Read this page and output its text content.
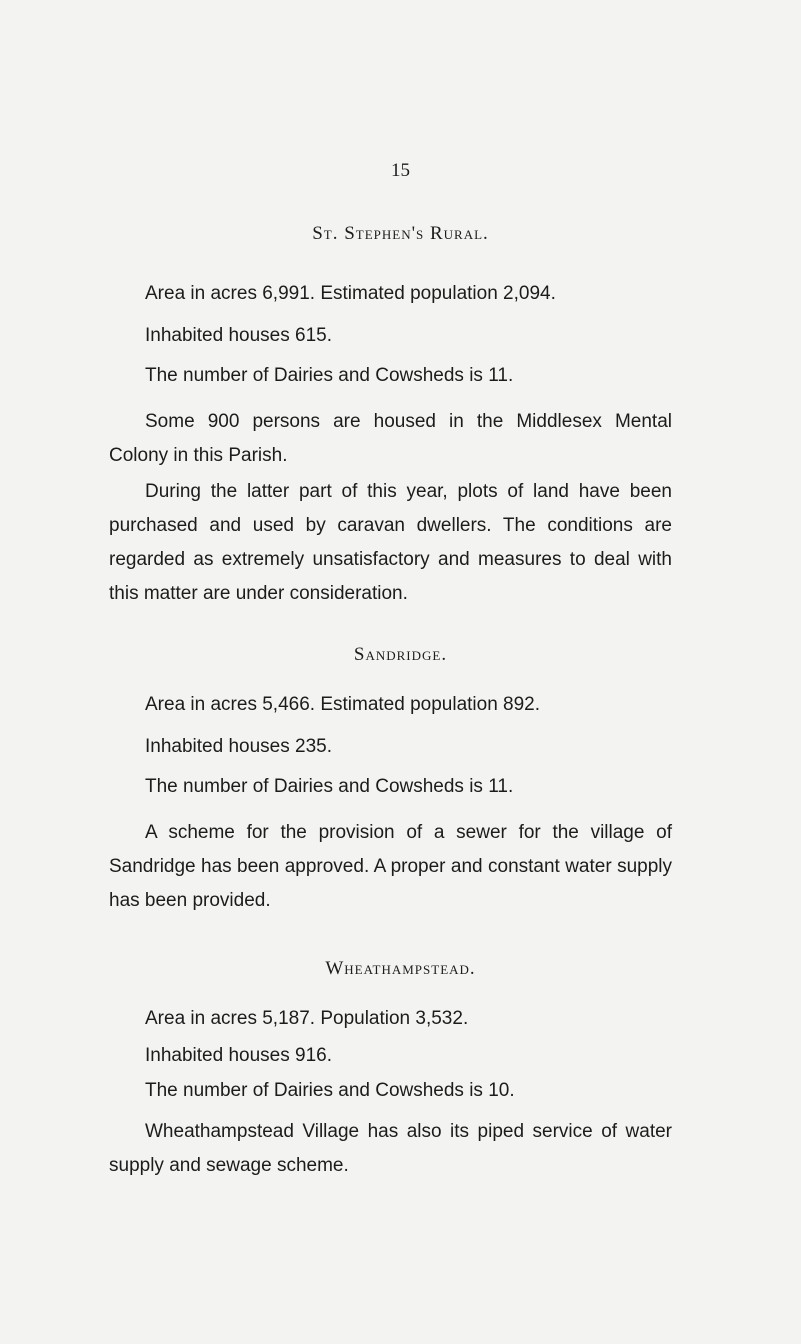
15
St. Stephen's Rural.
Area in acres 6,991. Estimated population 2,094.
Inhabited houses 615.
The number of Dairies and Cowsheds is 11.
Some 900 persons are housed in the Middlesex Mental Colony in this Parish.
During the latter part of this year, plots of land have been purchased and used by caravan dwellers. The conditions are regarded as extremely unsatisfactory and measures to deal with this matter are under consideration.
Sandridge.
Area in acres 5,466. Estimated population 892.
Inhabited houses 235.
The number of Dairies and Cowsheds is 11.
A scheme for the provision of a sewer for the village of Sandridge has been approved. A proper and constant water supply has been provided.
Wheathampstead.
Area in acres 5,187. Population 3,532.
Inhabited houses 916.
The number of Dairies and Cowsheds is 10.
Wheathampstead Village has also its piped service of water supply and sewage scheme.
